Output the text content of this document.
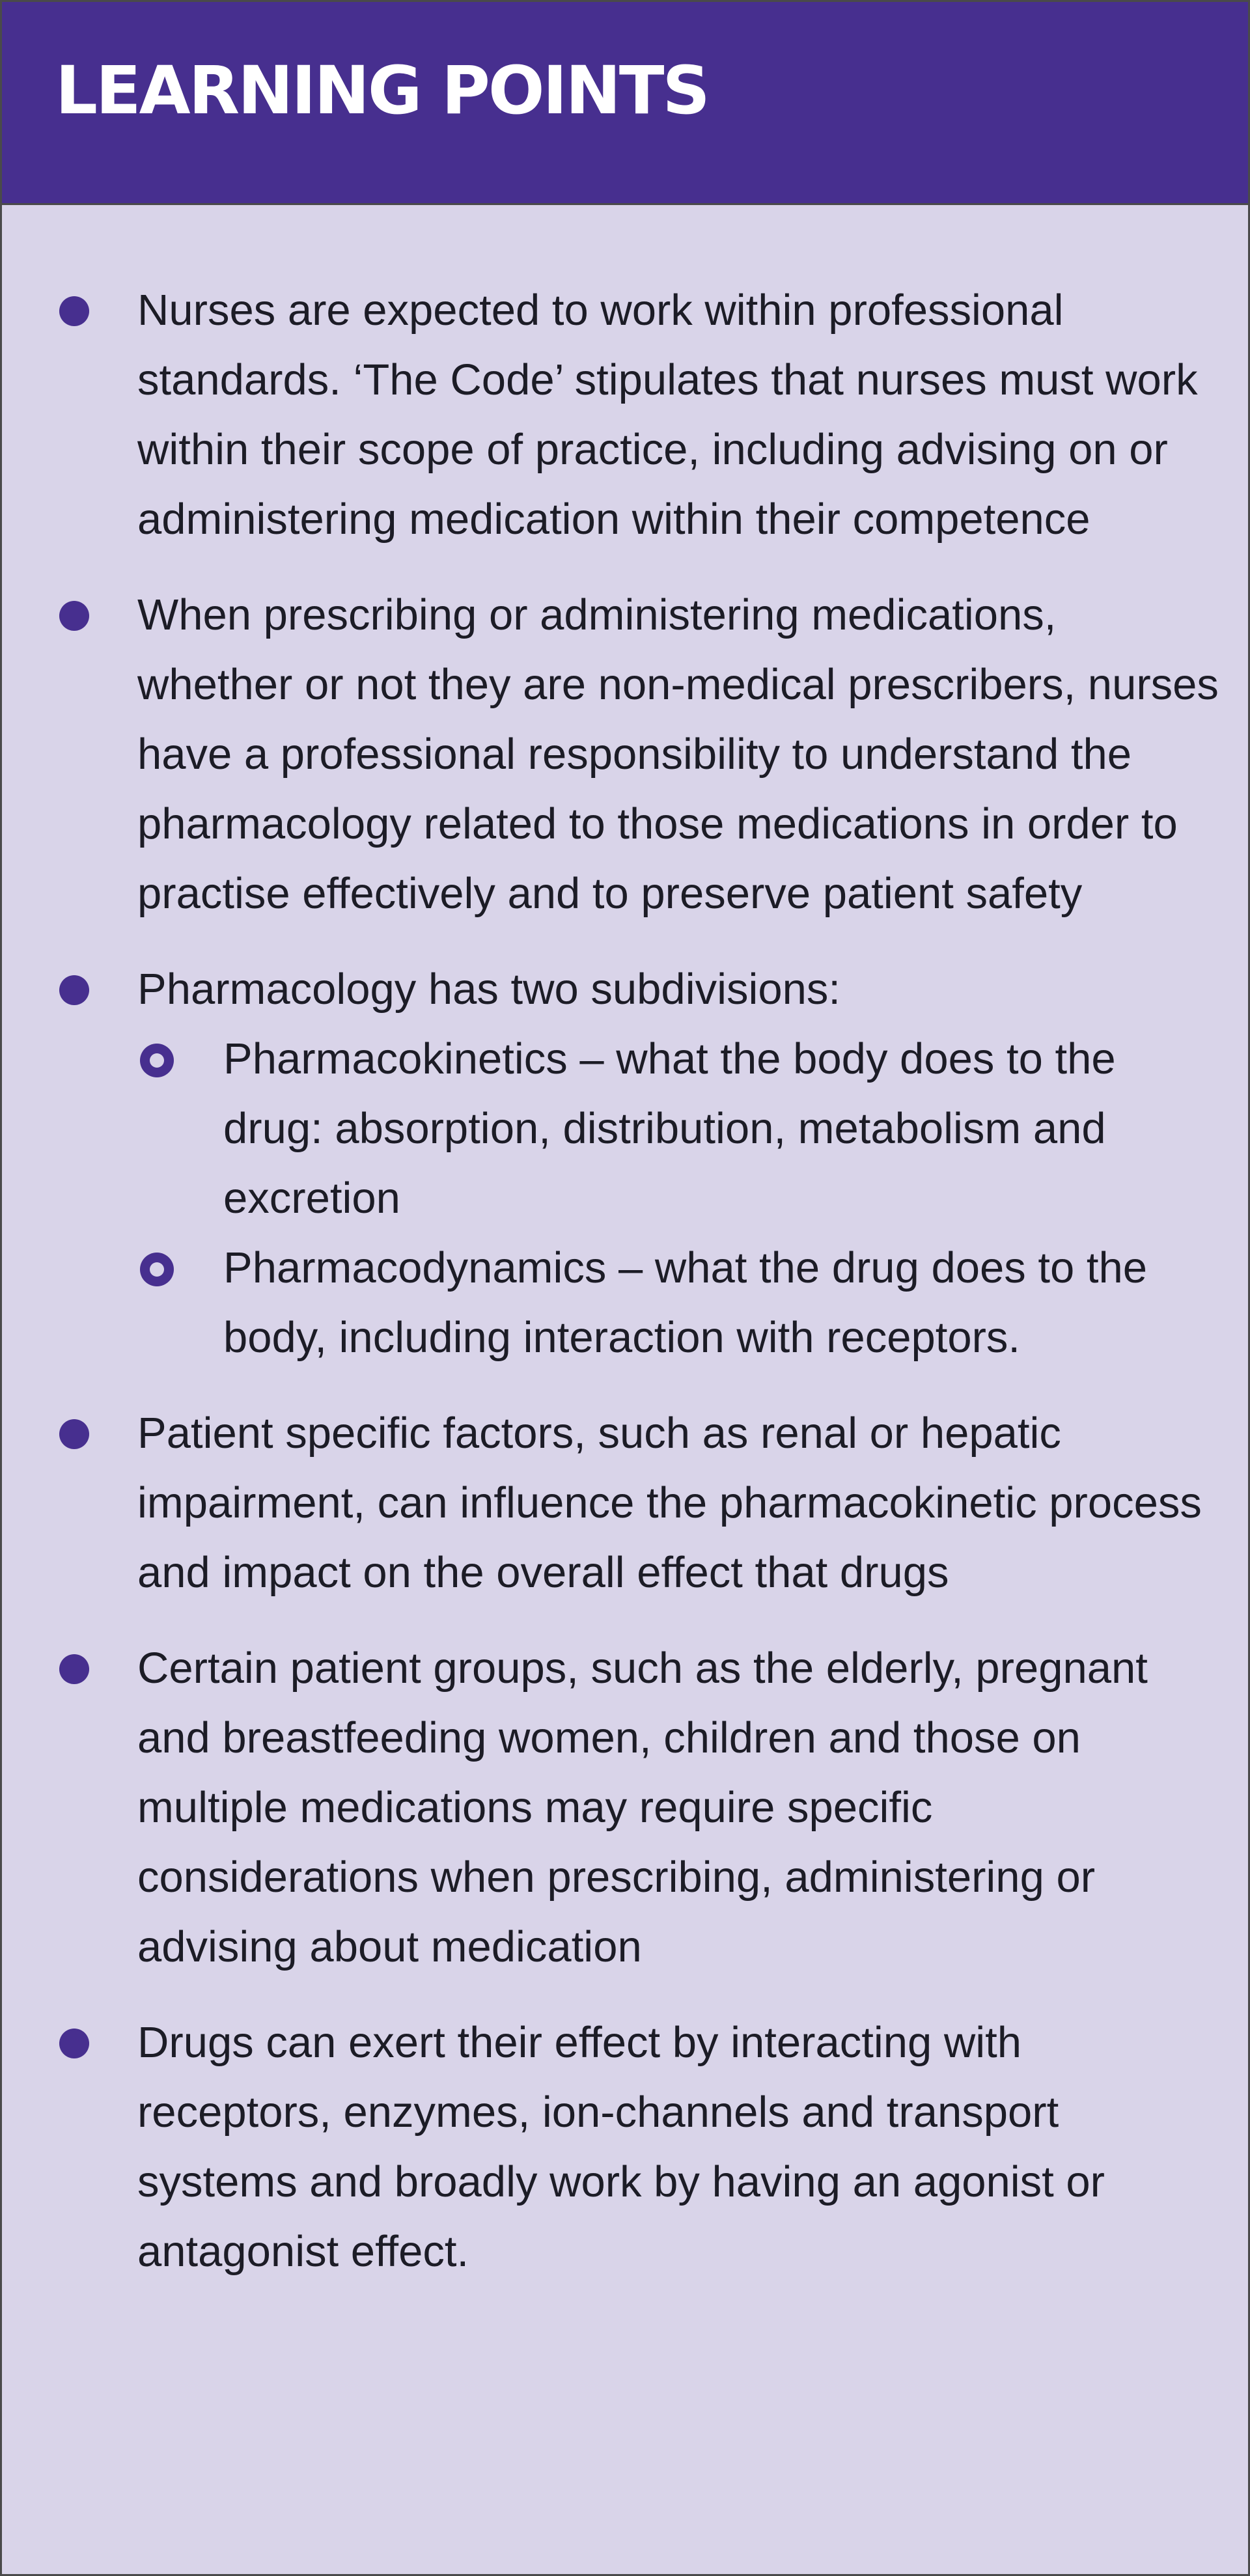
LEARNING POINTS
Nurses are expected to work within professional standards. ‘The Code’ stipulates that nurses must work within their scope of practice, including advising on or administering medication within their competence
When prescribing or administering medications, whether or not they are non-medical prescribers, nurses have a professional responsibility to understand the pharmacology related to those medications in order to practise effectively and to preserve patient safety
Pharmacology has two subdivisions:
Pharmacokinetics – what the body does to the drug: absorption, distribution, metabolism and excretion
Pharmacodynamics – what the drug does to the body, including interaction with receptors.
Patient specific factors, such as renal or hepatic impairment, can influence the pharmacokinetic process and impact on the overall effect that drugs
Certain patient groups, such as the elderly, pregnant and breastfeeding women, children and those on multiple medications may require specific considerations when prescribing, administering or advising about medication
Drugs can exert their effect by interacting with receptors, enzymes, ion-channels and transport systems and broadly work by having an agonist or antagonist effect.
